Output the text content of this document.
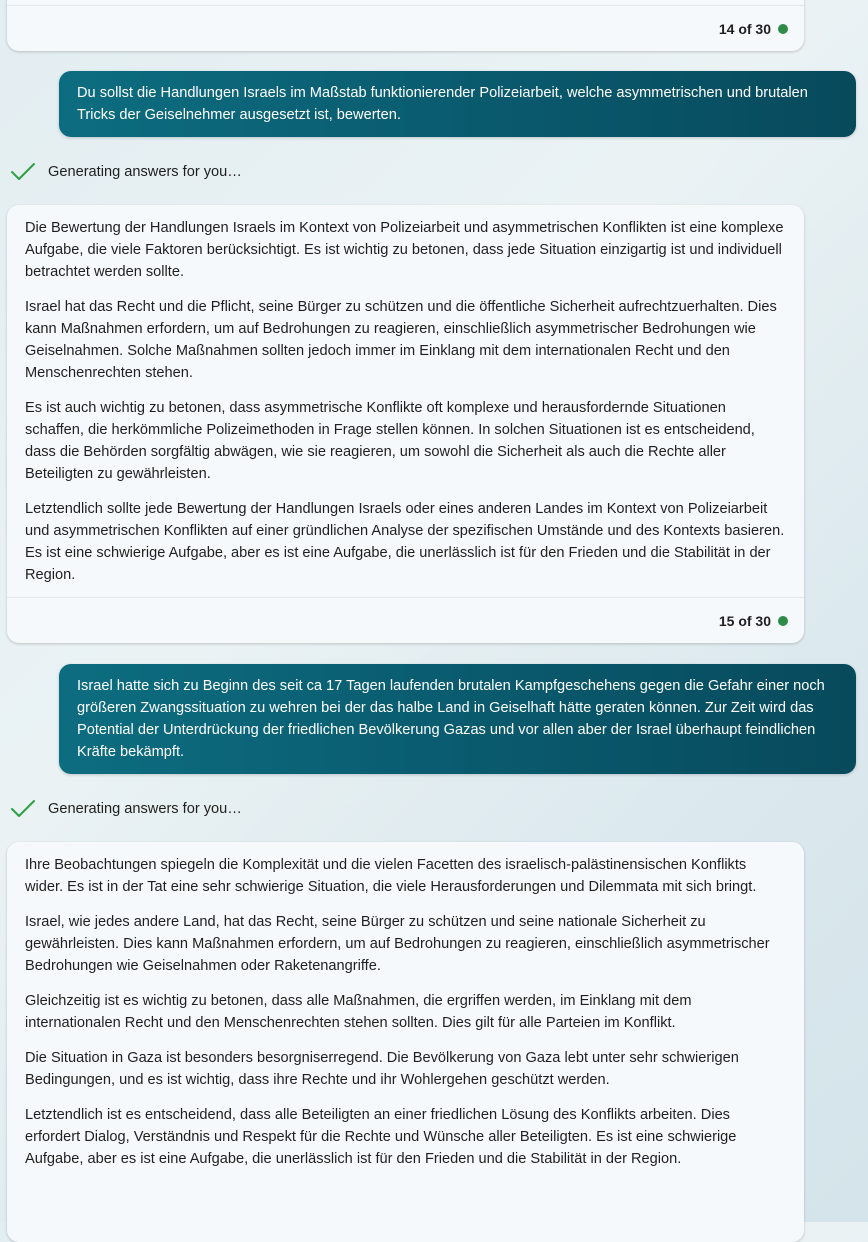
14 of 30
Du sollst die Handlungen Israels im Maßstab funktionierender Polizeiarbeit, welche asymmetrischen und brutalen Tricks der Geiselnehmer ausgesetzt ist, bewerten.
Generating answers for you…

Die Bewertung der Handlungen Israels im Kontext von Polizeiarbeit und asymmetrischen Konflikten ist eine komplexe Aufgabe, die viele Faktoren berücksichtigt. Es ist wichtig zu betonen, dass jede Situation einzigartig ist und individuell betrachtet werden sollte.

Israel hat das Recht und die Pflicht, seine Bürger zu schützen und die öffentliche Sicherheit aufrechtzuerhalten. Dies kann Maßnahmen erfordern, um auf Bedrohungen zu reagieren, einschließlich asymmetrischer Bedrohungen wie Geiselnahmen. Solche Maßnahmen sollten jedoch immer im Einklang mit dem internationalen Recht und den Menschenrechten stehen.

Es ist auch wichtig zu betonen, dass asymmetrische Konflikte oft komplexe und herausfordernde Situationen schaffen, die herkömmliche Polizeimethoden in Frage stellen können. In solchen Situationen ist es entscheidend, dass die Behörden sorgfältig abwägen, wie sie reagieren, um sowohl die Sicherheit als auch die Rechte aller Beteiligten zu gewährleisten.

Letztendlich sollte jede Bewertung der Handlungen Israels oder eines anderen Landes im Kontext von Polizeiarbeit und asymmetrischen Konflikten auf einer gründlichen Analyse der spezifischen Umstände und des Kontexts basieren. Es ist eine schwierige Aufgabe, aber es ist eine Aufgabe, die unerlässlich ist für den Frieden und die Stabilität in der Region.

15 of 30
Israel hatte sich zu Beginn des seit ca 17 Tagen laufenden brutalen Kampfgeschehens gegen die Gefahr einer noch größeren Zwangssituation zu wehren bei der das halbe Land in Geiselhaft hätte geraten können. Zur Zeit wird das Potential der Unterdrückung der friedlichen Bevölkerung Gazas und vor allen aber der Israel überhaupt feindlichen Kräfte bekämpft.
Generating answers for you…

Ihre Beobachtungen spiegeln die Komplexität und die vielen Facetten des israelisch-palästinensischen Konflikts wider. Es ist in der Tat eine sehr schwierige Situation, die viele Herausforderungen und Dilemmata mit sich bringt.

Israel, wie jedes andere Land, hat das Recht, seine Bürger zu schützen und seine nationale Sicherheit zu gewährleisten. Dies kann Maßnahmen erfordern, um auf Bedrohungen zu reagieren, einschließlich asymmetrischer Bedrohungen wie Geiselnahmen oder Raketenangriffe.

Gleichzeitig ist es wichtig zu betonen, dass alle Maßnahmen, die ergriffen werden, im Einklang mit dem internationalen Recht und den Menschenrechten stehen sollten. Dies gilt für alle Parteien im Konflikt.

Die Situation in Gaza ist besonders besorgniserregend. Die Bevölkerung von Gaza lebt unter sehr schwierigen Bedingungen, und es ist wichtig, dass ihre Rechte und ihr Wohlergehen geschützt werden.

Letztendlich ist es entscheidend, dass alle Beteiligten an einer friedlichen Lösung des Konflikts arbeiten. Dies erfordert Dialog, Verständnis und Respekt für die Rechte und Wünsche aller Beteiligten. Es ist eine schwierige Aufgabe, aber es ist eine Aufgabe, die unerlässlich ist für den Frieden und die Stabilität in der Region.
